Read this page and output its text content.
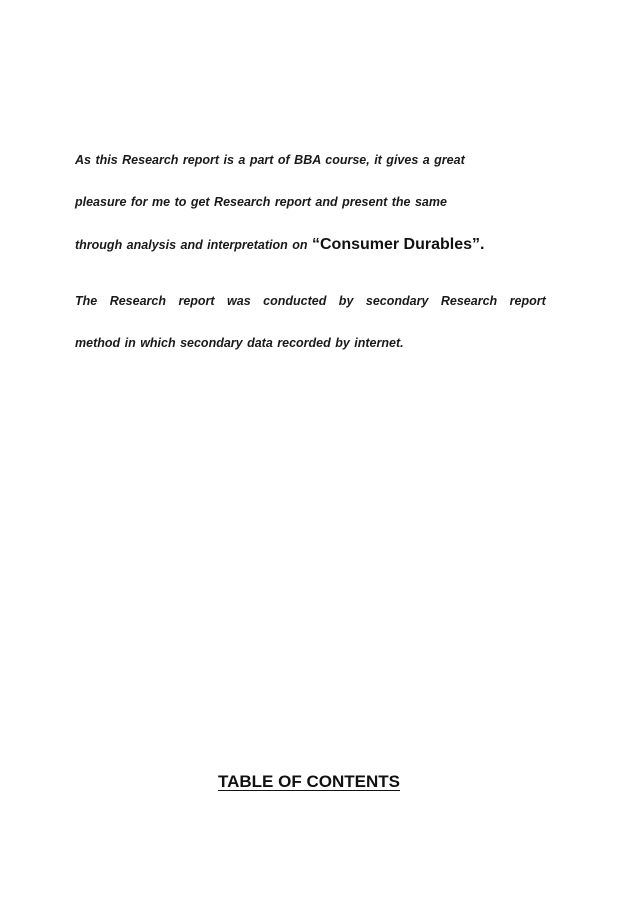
As this Research report is a part of BBA course, it gives a great
pleasure for me to get Research report and present the same
through analysis and interpretation on “Consumer Durables”.
The Research report was conducted by secondary Research report
method in which secondary data recorded by internet.
TABLE OF CONTENTS
